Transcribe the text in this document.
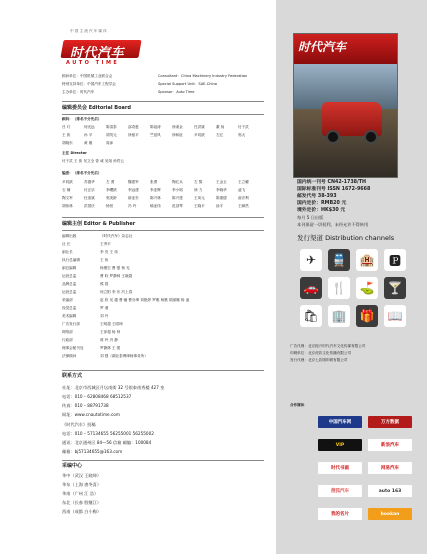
中 国 主 流 汽 车 媒 体
时代汽车
AUTO TIME
顾问单位：中国机械工业联合会	Consultant：China Machinery Industry Federation
特别支持单位：中国汽车工程学会	Special Support Unit：SAE-China
主办单位：时代汽车	Sponsor：Auto Time
编辑委员会 Editorial Board
顾问：（排名不分先后）
吕 玎	何光远	陈清泰	邵奇惠	陈祖涛	徐秉金	任洪斌	董 扬	付于武
王 侠	孙 平	胡茂元	徐留平	竺延风	徐和谊	尹同跃	左红	郭大
胡晓东	黄 刚	周沛
主任 Director
付于武 王 侠 吴文全 曾 诚 吴翊 孙哲云
编委：（排名不分先后）
尹同跃	苏德华	左 勇	魏建军	张勇	陶红兵	左 黎	王金玉	王立曜
石 楠	付正乐	李曙跃	李远建	李亚辉	李小明	徐 力	李晓华	凌飞
陶文军	杜奎斌	郭美龄	薛亚东	陈兴林	陈兴建	王凤元	陈重德	俞宏利
胡伟林	洪国庆	杨恒	冯 玲	喻亚伟	范剑琴	王晓平	涂宇	王瞬然
编辑主创 Editor & Publisher
编辑出版	《时代汽车》杂志社
社 长	王秀平
副社长	李 亮 王 伟
执行总编辑	王 伟
副总编辑	杨墨空 曹 强 杨 光
运营总监	曹 昀 罗静林 王晓超
品牌总监	熊 勋
运营总监	何立阳 李 东 冯上春
采编部	赵 欣 吴 越 曹 骊 曹亦坤 刘艳婷 罗雅 杨墨 胡丽娜 杨 凌
视觉总监	罗 谨
美术编辑	刘 丹
广告发行部	王明超 王昭坤
网络部	王萍超 杨 帅
行政部	蒋 玲 冯 静
理事会秘书处	罗静林 王 缇
法律顾问	刘 强（湖北泰博律师事务所）
联系方式
社址：北京市西城区月坛南街 32 号银泰南秀楼 427 室
电话：010 – 62808468 68512537
传真：010 – 88791738
网址：www.cnautotime.com
《时代汽车》投稿
电话：010 – 57134655 56255001 56255002
通讯：北京通州区 84—56 信箱 邮编：100084
邮箱：bj57134655@163.com
采编中心
华中（武汉 王晓坤）
华东（上海 唐冬喜）
华南（广州 江 浩）
东北（长春 殷继江）
西南（成都 白小梅）
时代汽车
国内统一刊号 CN42-1738/TH
国际标准刊号 ISSN 1672-9668
邮发代号 38-393
国内定价：RMB20 元
境外定价：HK$30 元
每月 5 日出版
本刊保留一切权利，未经允许不得转用
发行渠道 Distribution channels
✈	🚆 🏨	🅿
🚗 🍴 ⛳ 🍸
🛍 🏢 🎁 📖
广告代理：北京振兴时代汽车文化传媒有限公司
印刷单位：北京虎彩文化传播有限公司
发行代理：北京七彩图印刷有限公司
合作媒体
中国汽车网	万方数据
VIP	新浪汽车
时代书画	网易汽车
搜狐汽车	auto 163
我的名片	bookan
